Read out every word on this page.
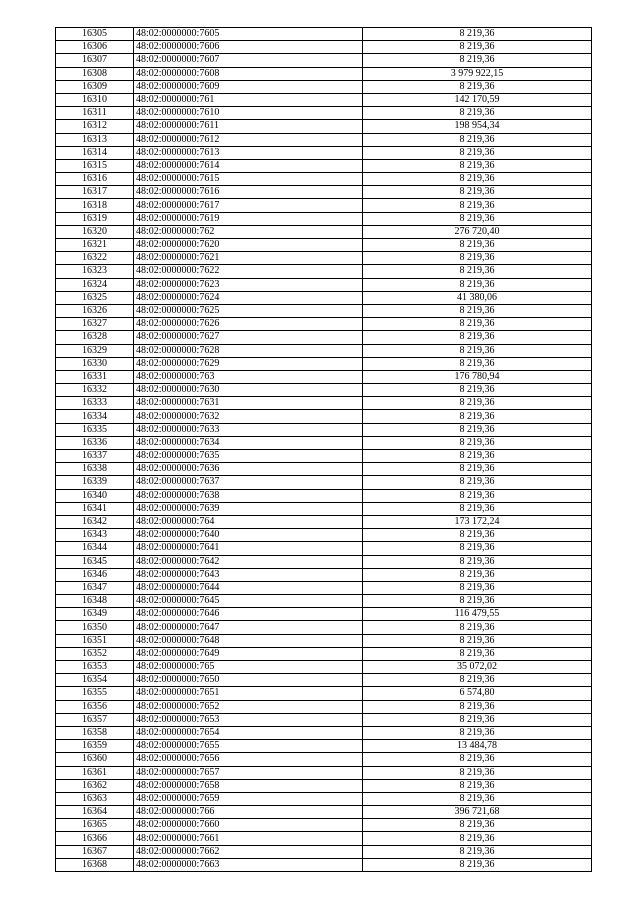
16305	48:02:0000000:7605	8 219,36
16306	48:02:0000000:7606	8 219,36
16307	48:02:0000000:7607	8 219,36
16308	48:02:0000000:7608	3 979 922,15
16309	48:02:0000000:7609	8 219,36
16310	48:02:0000000:761	142 170,59
16311	48:02:0000000:7610	8 219,36
16312	48:02:0000000:7611	198 954,34
16313	48:02:0000000:7612	8 219,36
16314	48:02:0000000:7613	8 219,36
16315	48:02:0000000:7614	8 219,36
16316	48:02:0000000:7615	8 219,36
16317	48:02:0000000:7616	8 219,36
16318	48:02:0000000:7617	8 219,36
16319	48:02:0000000:7619	8 219,36
16320	48:02:0000000:762	276 720,40
16321	48:02:0000000:7620	8 219,36
16322	48:02:0000000:7621	8 219,36
16323	48:02:0000000:7622	8 219,36
16324	48:02:0000000:7623	8 219,36
16325	48:02:0000000:7624	41 380,06
16326	48:02:0000000:7625	8 219,36
16327	48:02:0000000:7626	8 219,36
16328	48:02:0000000:7627	8 219,36
16329	48:02:0000000:7628	8 219,36
16330	48:02:0000000:7629	8 219,36
16331	48:02:0000000:763	176 780,94
16332	48:02:0000000:7630	8 219,36
16333	48:02:0000000:7631	8 219,36
16334	48:02:0000000:7632	8 219,36
16335	48:02:0000000:7633	8 219,36
16336	48:02:0000000:7634	8 219,36
16337	48:02:0000000:7635	8 219,36
16338	48:02:0000000:7636	8 219,36
16339	48:02:0000000:7637	8 219,36
16340	48:02:0000000:7638	8 219,36
16341	48:02:0000000:7639	8 219,36
16342	48:02:0000000:764	173 172,24
16343	48:02:0000000:7640	8 219,36
16344	48:02:0000000:7641	8 219,36
16345	48:02:0000000:7642	8 219,36
16346	48:02:0000000:7643	8 219,36
16347	48:02:0000000:7644	8 219,36
16348	48:02:0000000:7645	8 219,36
16349	48:02:0000000:7646	116 479,55
16350	48:02:0000000:7647	8 219,36
16351	48:02:0000000:7648	8 219,36
16352	48:02:0000000:7649	8 219,36
16353	48:02:0000000:765	35 072,02
16354	48:02:0000000:7650	8 219,36
16355	48:02:0000000:7651	6 574,80
16356	48:02:0000000:7652	8 219,36
16357	48:02:0000000:7653	8 219,36
16358	48:02:0000000:7654	8 219,36
16359	48:02:0000000:7655	13 484,78
16360	48:02:0000000:7656	8 219,36
16361	48:02:0000000:7657	8 219,36
16362	48:02:0000000:7658	8 219,36
16363	48:02:0000000:7659	8 219,36
16364	48:02:0000000:766	396 721,68
16365	48:02:0000000:7660	8 219,36
16366	48:02:0000000:7661	8 219,36
16367	48:02:0000000:7662	8 219,36
16368	48:02:0000000:7663	8 219,36
